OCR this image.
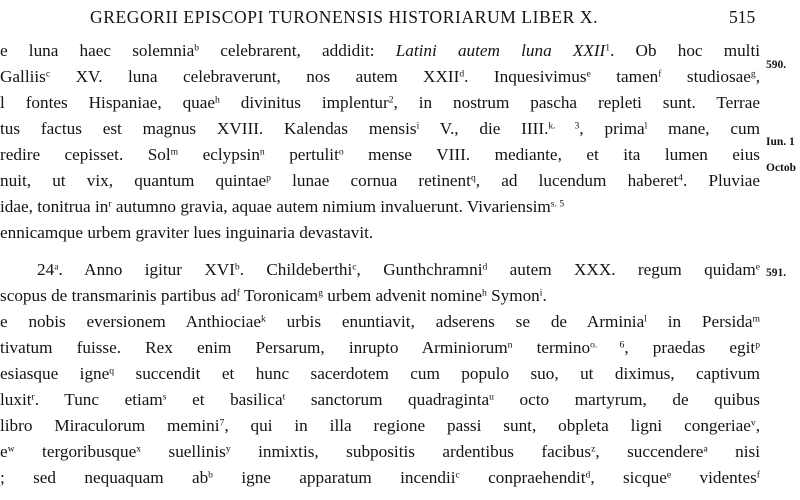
GREGORII EPISCOPI TURONENSIS HISTORIARUM LIBER X.	515
e luna haec solemnia$^b$ celebrarent, addidit: Latini autem luna XXII$^1$. Ob hoc multi
Galliis$^c$ XV. luna celebraverunt, nos autem XXII$^d$. Inquesivimus$^e$ tamen$^f$ studiosae$^g$,
l fontes Hispaniae, quae$^h$ divinitus implentur$^2$, in nostrum pascha repleti sunt. Terrae
tus factus est magnus XVIII. Kalendas mensis$^i$ V., die IIII.$^{k. 3}$, prima$^l$ mane, cum
redire cepisset. Sol$^m$ eclypsin$^n$ pertulit$^o$ mense VIII. mediante, et ita lumen eius
nuit, ut vix, quantum quintae$^p$ lunae cornua retinent$^q$, ad lucendum haberet$^4$. Pluviae
idae, tonitrua $in^r$ autumno gravia, aquae autem nimium invaluerunt. Vivariensim$^{s. 5}$
ennicamque urbem graviter lues inguinaria devastavit.
24$^a$. Anno igitur XVI$^b$. Childeberthi$^c$, Gunthchramni$^d$ autem XXX. regum quidam$^e$
scopus de transmarinis partibus $ad^f$ Toronicam$^g$ urbem advenit nomine$^h$ Symon$^i$.
e nobis eversionem Anthiociae$^k$ urbis enuntiavit, adserens se de Arminia$^l$ in Persida$^m$
tivatum fuisse. Rex enim Persarum, inrupto Arminiorum$^n$ termino$^{o. 6}$, praedas egit$^p$
esiasque igne$^q$ succendit et hunc sacerdotem cum populo suo, ut diximus, captivum
luxit$^r$. Tunc etiam$^s$ et basilica$^t$ sanctorum quadraginta$^u$ octo martyrum, de quibus
libro Miraculorum memini$^7$, qui in illa regione passi sunt, obpleta ligni congeriae$^v$,
$e^w$ tergoribusque$^x$ suellinis$^y$ inmixtis, subpositis ardentibus facibus$^z$, succendere$^a$ nisi
; sed nequaquam $ab^b$ igne apparatum incendii$^c$ conpraehendit$^d$, sicque$^e$ videntes$^f$
590.
Iun. 1
Octob
591.
